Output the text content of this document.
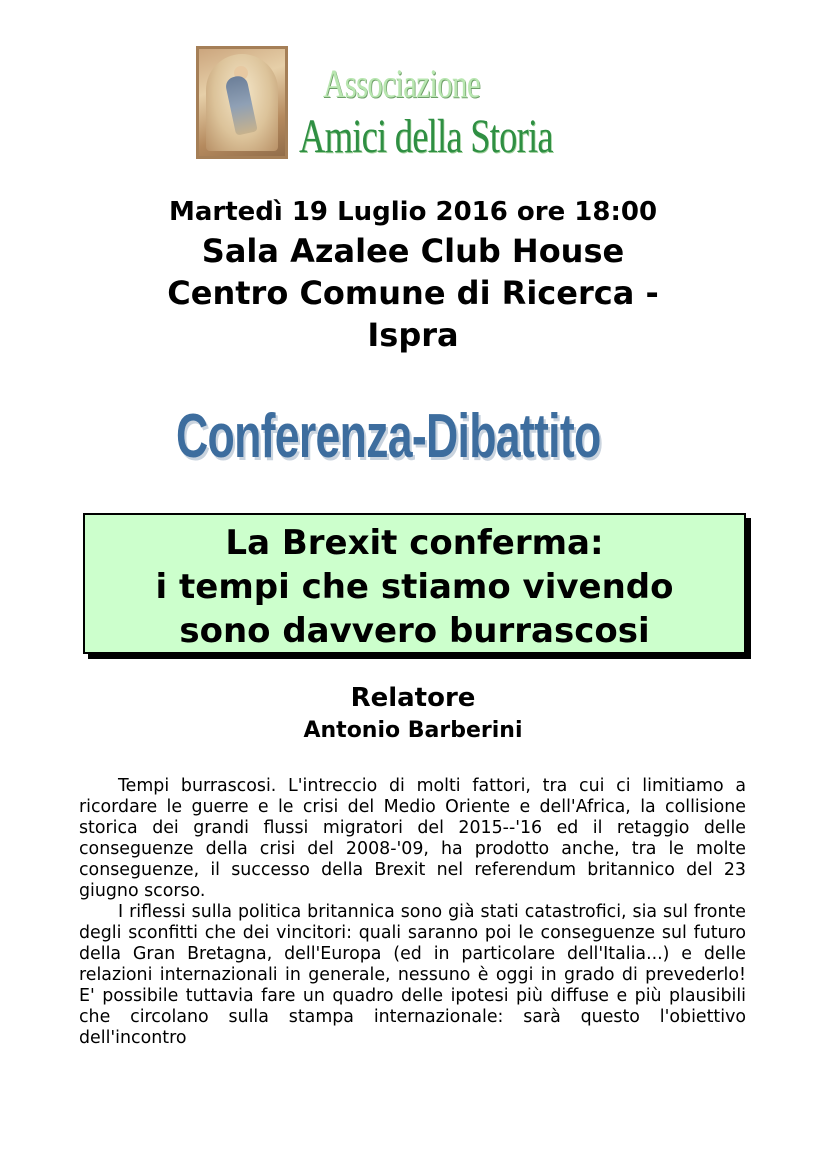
Associazione
Amici della Storia
Martedì 19 Luglio 2016 ore 18:00
Sala Azalee Club House
Centro Comune di Ricerca -
Ispra
Conferenza-Dibattito
La Brexit conferma:
i tempi che stiamo vivendo
sono davvero burrascosi
Relatore
Antonio Barberini

Tempi burrascosi. L'intreccio di molti fattori, tra cui ci limitiamo a ricordare le guerre e le crisi del Medio Oriente e dell'Africa, la collisione storica dei grandi flussi migratori del 2015--'16 ed il retaggio delle conseguenze della crisi del 2008-'09, ha prodotto anche, tra le molte conseguenze, il successo della Brexit nel referendum britannico del 23 giugno scorso.

I riflessi sulla politica britannica sono già stati catastrofici, sia sul fronte degli sconfitti che dei vincitori: quali saranno poi le conseguenze sul futuro della Gran Bretagna, dell'Europa (ed in particolare dell'Italia...) e delle relazioni internazionali in generale, nessuno è oggi in grado di prevederlo! E' possibile tuttavia fare un quadro delle ipotesi più diffuse e più plausibili che circolano sulla stampa internazionale: sarà questo l'obiettivo dell'incontro
